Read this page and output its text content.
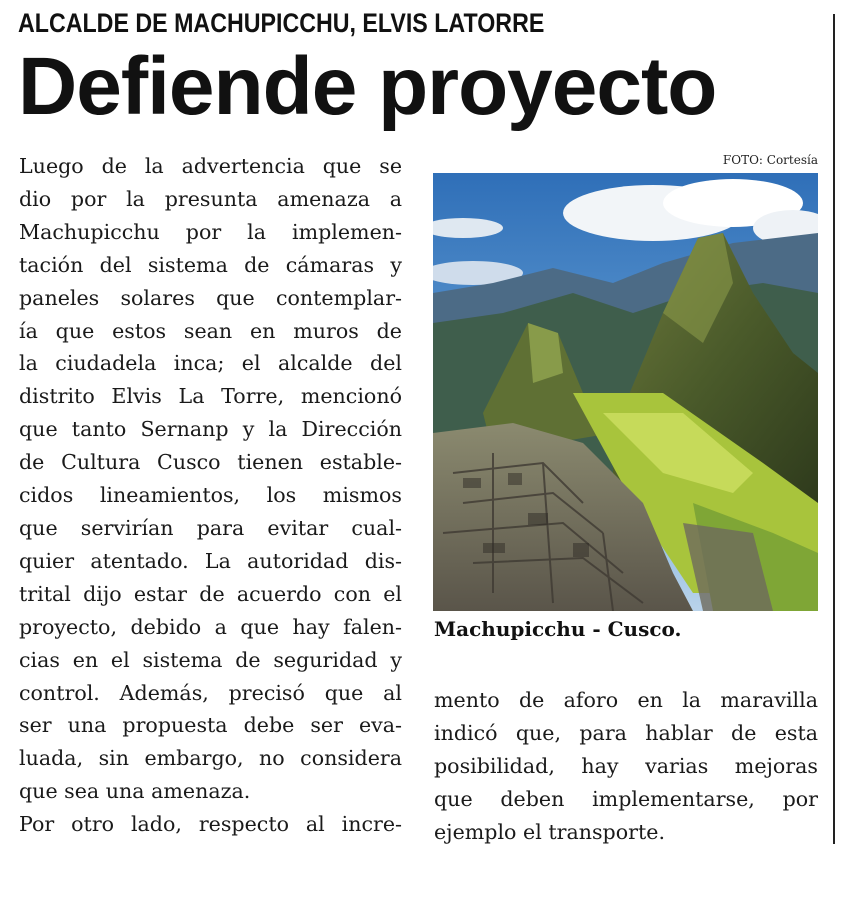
ALCALDE DE MACHUPICCHU, ELVIS LATORRE
Defiende proyecto

Luego de la advertencia que se
dio por la presunta amenaza a
Machupicchu por la implemen-
tación del sistema de cámaras y
paneles solares que contemplar-
ía que estos sean en muros de
la ciudadela inca; el alcalde del
distrito Elvis La Torre, mencionó
que tanto Sernanp y la Dirección
de Cultura Cusco tienen estable-
cidos lineamientos, los mismos
que servirían para evitar cual-
quier atentado. La autoridad dis-
trital dijo estar de acuerdo con el
proyecto, debido a que hay falen-
cias en el sistema de seguridad y
control. Además, precisó que al
ser una propuesta debe ser eva-
luada, sin embargo, no considera
que sea una amenaza.

Por otro lado, respecto al incre-

FOTO: Cortesía
Machupicchu - Cusco.

mento de aforo en la maravilla
indicó que, para hablar de esta
posibilidad, hay varias mejoras
que deben implementarse, por
ejemplo el transporte.
